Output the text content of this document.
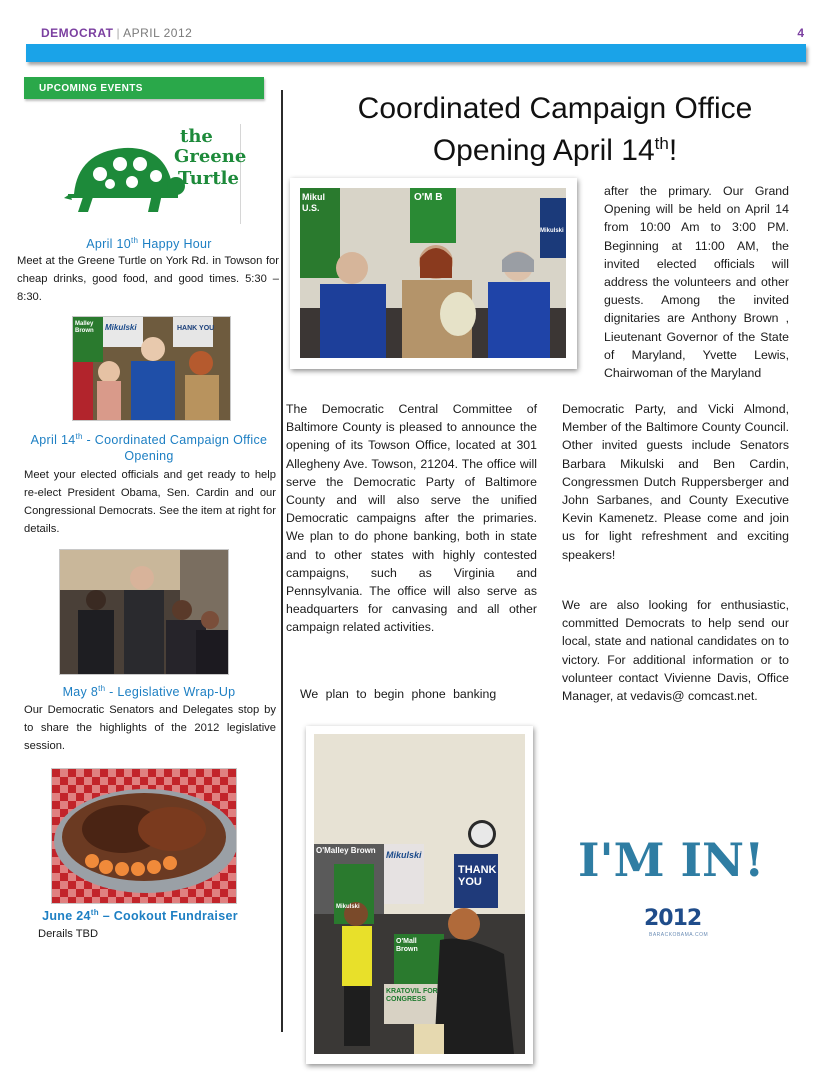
DEMOCRAT | APRIL 2012	4
UPCOMING EVENTS
the
Greene
Turtle
April 10th Happy Hour
Meet at the Greene Turtle on York Rd. in Towson for cheap drinks, good food, and good times. 5:30 – 8:30.
Malley Brown	Mikulski	HANK YOU
April 14th - Coordinated Campaign Office Opening
Meet your elected officials and get ready to help re-elect President Obama, Sen. Cardin and our Congressional Democrats. See the item at right for details.
May 8th - Legislative Wrap-Up
Our Democratic Senators and Delegates stop by to share the highlights of the 2012 legislative session.
June 24th – Cookout Fundraiser
Derails TBD
Coordinated Campaign Office
Opening April 14th!
Mikul U.S.
O'M B
Mikulski
The Democratic Central Committee of Baltimore County is pleased to announce the opening of its Towson Office, located at 301 Allegheny Ave. Towson, 21204. The office will serve the Democratic Party of Baltimore County and will also serve the unified Democratic campaigns after the primaries. We plan to do phone banking, both in state and to other states with highly contested campaigns, such as Virginia and Pennsylvania. The office will also serve as headquarters for canvasing and all other campaign related activities.
We plan to begin phone banking
after the primary. Our Grand Opening will be held on April 14 from 10:00 Am to 3:00 PM. Beginning at 11:00 AM, the invited elected officials will address the volunteers and other guests. Among the invited dignitaries are Anthony Brown , Lieutenant Governor of the State of Maryland, Yvette Lewis, Chairwoman of the Maryland
Democratic Party, and Vicki Almond, Member of the Baltimore County Council. Other invited guests include Senators Barbara Mikulski and Ben Cardin, Congressmen Dutch Ruppersberger and John Sarbanes, and County Executive Kevin Kamenetz. Please come and join us for light refreshment and exciting speakers!
We are also looking for enthusiastic, committed Democrats to help send our local, state and national candidates on to victory. For additional information or to volunteer contact Vivienne Davis, Office Manager, at vedavis@ comcast.net.
O'Malley Brown	Mikulski
THANK YOU
O'Mall Brown
KRATOVIL FOR CONGRESS
Mikulski
I'M IN!
2012
BARACKOBAMA.COM
